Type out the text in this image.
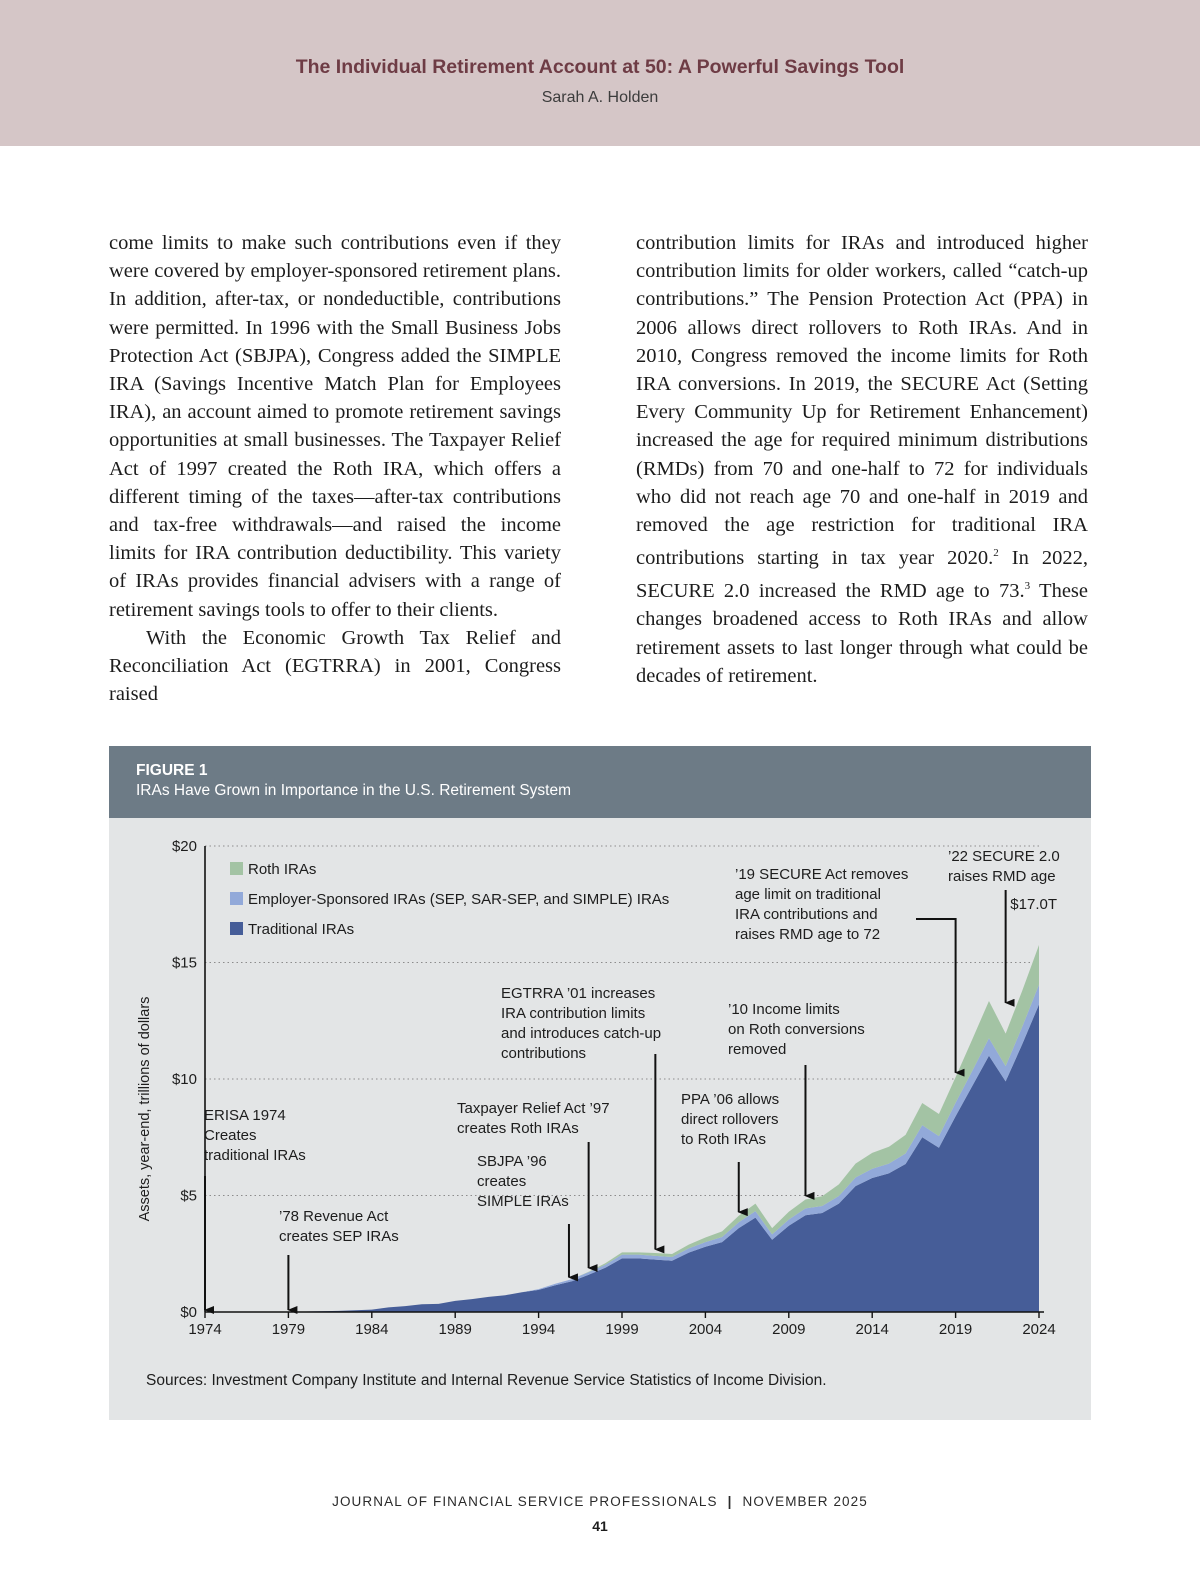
The Individual Retirement Account at 50: A Powerful Savings Tool
Sarah A. Holden

come limits to make such contributions even if they were covered by employer-sponsored retirement plans. In addition, after-tax, or nondeductible, contributions were permitted. In 1996 with the Small Business Jobs Protection Act (SBJPA), Congress added the SIMPLE IRA (Savings Incentive Match Plan for Employees IRA), an account aimed to promote retirement savings opportunities at small businesses. The Taxpayer Relief Act of 1997 created the Roth IRA, which offers a different timing of the taxes—after-tax contributions and tax-free withdrawals—and raised the income limits for IRA contribution deductibility. This variety of IRAs provides financial advisers with a range of retirement savings tools to offer to their clients.

With the Economic Growth Tax Relief and Reconciliation Act (EGTRRA) in 2001, Congress raised

contribution limits for IRAs and introduced higher contribution limits for older workers, called “catch-up contributions.” The Pension Protection Act (PPA) in 2006 allows direct rollovers to Roth IRAs. And in 2010, Congress removed the income limits for Roth IRA conversions. In 2019, the SECURE Act (Setting Every Community Up for Retirement Enhancement) increased the age for required minimum distributions (RMDs) from 70 and one-half to 72 for individuals who did not reach age 70 and one-half in 2019 and removed the age restriction for traditional IRA contributions starting in tax year 2020.$^2$ In 2022, SECURE 2.0 increased the RMD age to 73.$^3$ These changes broadened access to Roth IRAs and allow retirement assets to last longer through what could be decades of retirement.

FIGURE 1
IRAs Have Grown in Importance in the U.S. Retirement System
$0
$5
$10
$15
$20
1974	1979	1984	1989	1994	1999	2004	2009	2014	2019	2024
Assets, year-end, trillions of dollars
Roth IRAs
Employer-Sponsored IRAs (SEP, SAR-SEP, and SIMPLE) IRAs
Traditional IRAs
ERISA 1974
Creates
traditional IRAs
’78 Revenue Act
creates SEP IRAs
SBJPA ’96
creates
SIMPLE IRAs
Taxpayer Relief Act ’97
creates Roth IRAs
EGTRRA ’01 increases
IRA contribution limits
and introduces catch-up
contributions
PPA ’06 allows
direct rollovers
to Roth IRAs
’10 Income limits
on Roth conversions
removed
’19 SECURE Act removes
age limit on traditional
IRA contributions and
raises RMD age to 72
’22 SECURE 2.0
raises RMD age
$17.0T
Sources: Investment Company Institute and Internal Revenue Service Statistics of Income Division.
JOURNAL OF FINANCIAL SERVICE PROFESSIONALS | NOVEMBER 2025
41
